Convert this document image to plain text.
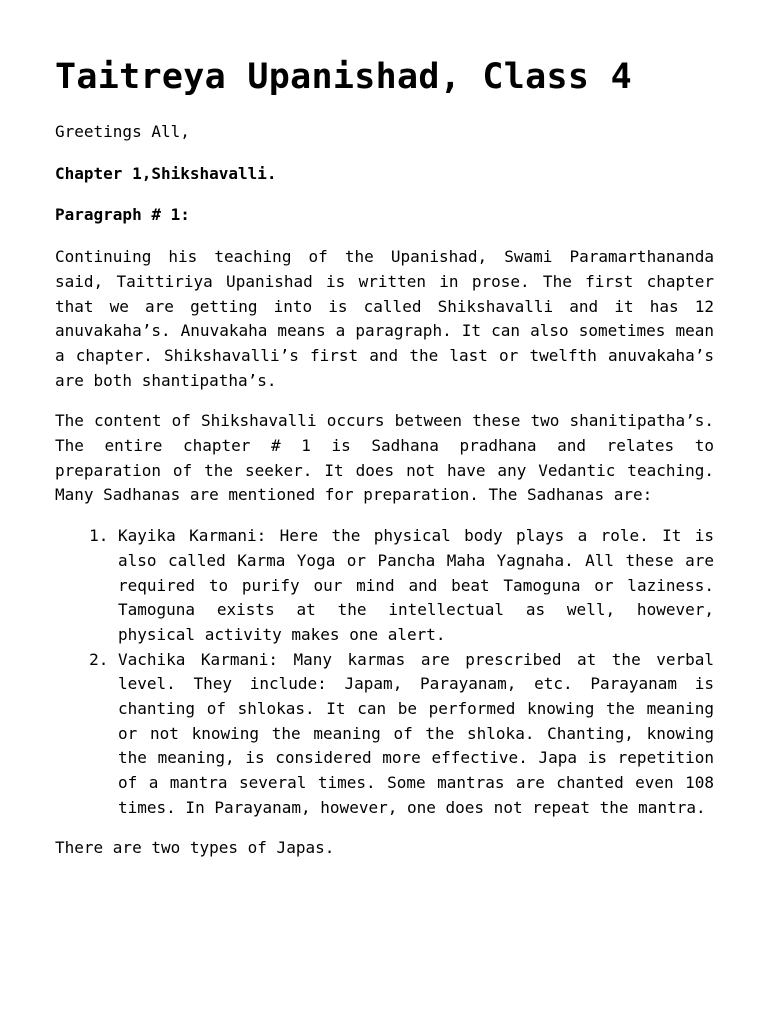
Taitreya Upanishad, Class 4

Greetings All,

Chapter 1,Shikshavalli.

Paragraph # 1:

Continuing his teaching of the Upanishad, Swami Paramarthananda said, Taittiriya Upanishad is written in prose. The first chapter that we are getting into is called Shikshavalli and it has 12 anuvakaha’s. Anuvakaha means a paragraph. It can also sometimes mean a chapter. Shikshavalli’s first and the last or twelfth anuvakaha’s are both shantipatha’s.

The content of Shikshavalli occurs between these two shanitipatha’s. The entire chapter # 1 is Sadhana pradhana and relates to preparation of the seeker. It does not have any Vedantic teaching. Many Sadhanas are mentioned for preparation. The Sadhanas are:

1. Kayika Karmani: Here the physical body plays a role. It is also called Karma Yoga or Pancha Maha Yagnaha. All these are required to purify our mind and beat Tamoguna or laziness. Tamoguna exists at the intellectual as well, however, physical activity makes one alert.
2. Vachika Karmani: Many karmas are prescribed at the verbal level. They include: Japam, Parayanam, etc. Parayanam is chanting of shlokas. It can be performed knowing the meaning or not knowing the meaning of the shloka. Chanting, knowing the meaning, is considered more effective. Japa is repetition of a mantra several times. Some mantras are chanted even 108 times. In Parayanam, however, one does not repeat the mantra.

There are two types of Japas.
